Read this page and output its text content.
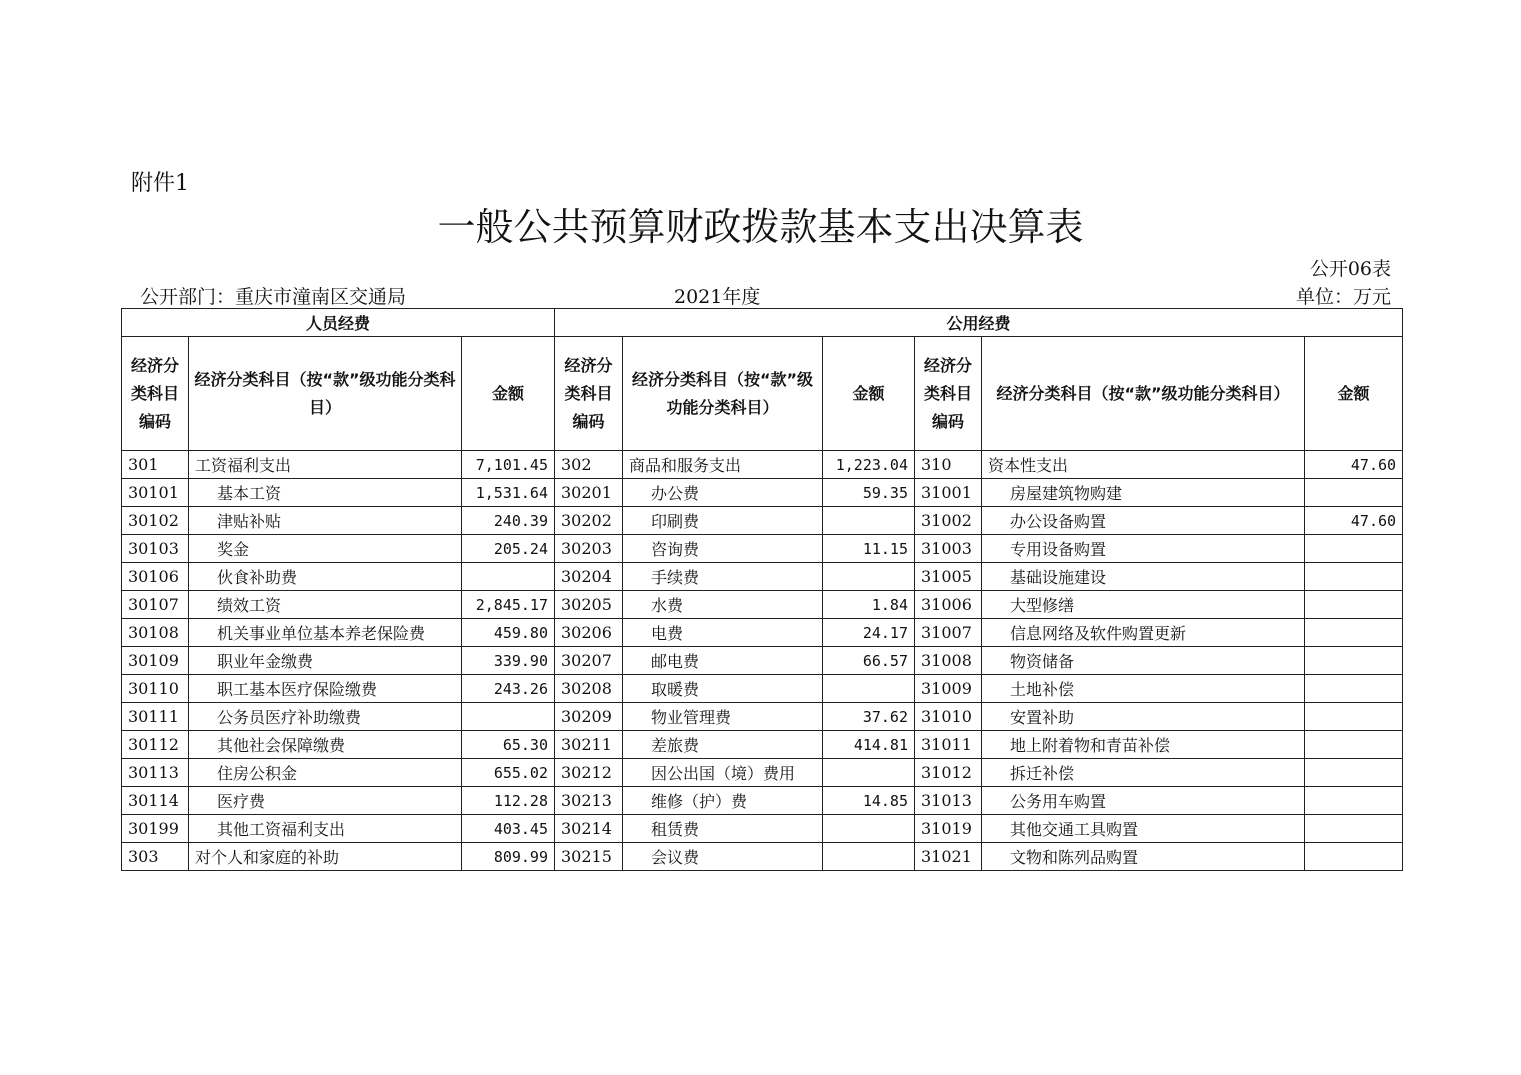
附件1
一般公共预算财政拨款基本支出决算表
公开06表
公开部门：重庆市潼南区交通局	2021年度	单位：万元
人员经费			公用经费					
经济分类科目编码	经济分类科目（按“款”级功能分类科目）	金额	经济分类科目编码	经济分类科目（按“款”级功能分类科目）	金额	经济分类科目编码	经济分类科目（按“款”级功能分类科目）	金额
301	工资福利支出	7,101.45	302	商品和服务支出	1,223.04	310	资本性支出	47.60
30101	基本工资	1,531.64	30201	办公费	59.35	31001	房屋建筑物购建	
30102	津贴补贴	240.39	30202	印刷费		31002	办公设备购置	47.60
30103	奖金	205.24	30203	咨询费	11.15	31003	专用设备购置	
30106	伙食补助费		30204	手续费		31005	基础设施建设	
30107	绩效工资	2,845.17	30205	水费	1.84	31006	大型修缮	
30108	机关事业单位基本养老保险费	459.80	30206	电费	24.17	31007	信息网络及软件购置更新	
30109	职业年金缴费	339.90	30207	邮电费	66.57	31008	物资储备	
30110	职工基本医疗保险缴费	243.26	30208	取暖费		31009	土地补偿	
30111	公务员医疗补助缴费		30209	物业管理费	37.62	31010	安置补助	
30112	其他社会保障缴费	65.30	30211	差旅费	414.81	31011	地上附着物和青苗补偿	
30113	住房公积金	655.02	30212	因公出国（境）费用		31012	拆迁补偿	
30114	医疗费	112.28	30213	维修（护）费	14.85	31013	公务用车购置	
30199	其他工资福利支出	403.45	30214	租赁费		31019	其他交通工具购置	
303	对个人和家庭的补助	809.99	30215	会议费		31021	文物和陈列品购置	
